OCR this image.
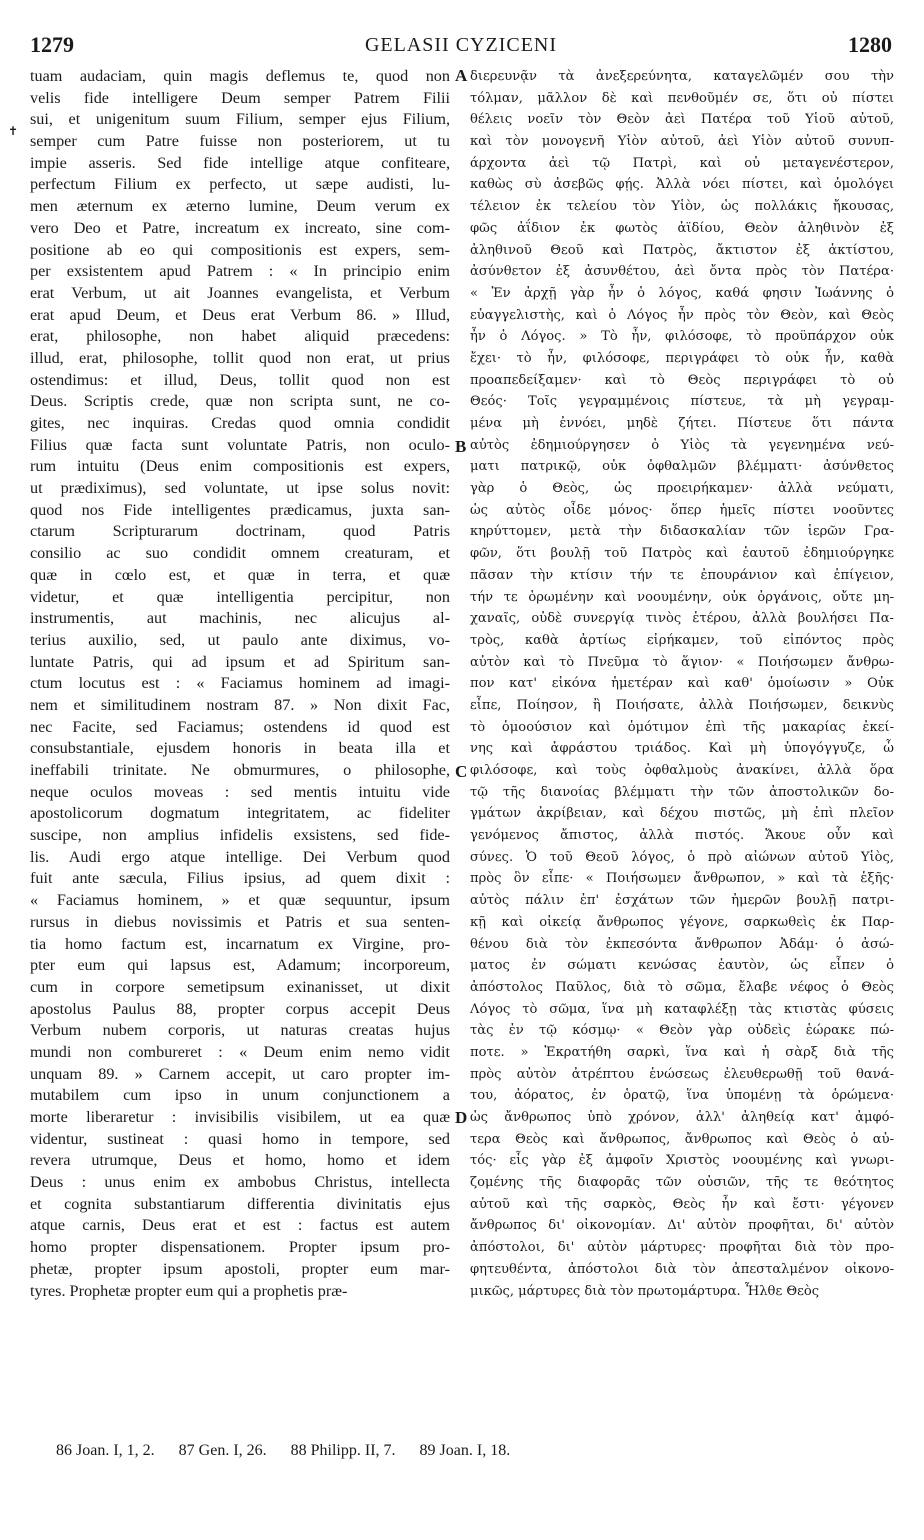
1279	GELASII CYZICENI	1280
✝
tuam audaciam, quin magis deflemus te, quod non
velis fide intelligere Deum semper Patrem Filii
sui, et unigenitum suum Filium, semper ejus Filium,
semper cum Patre fuisse non posteriorem, ut tu
impie asseris. Sed fide intellige atque confiteare,
perfectum Filium ex perfecto, ut sæpe audisti, lu-
men æternum ex æterno lumine, Deum verum ex
vero Deo et Patre, increatum ex increato, sine com-
positione ab eo qui compositionis est expers, sem-
per exsistentem apud Patrem : « In principio enim
erat Verbum, ut ait Joannes evangelista, et Verbum
erat apud Deum, et Deus erat Verbum 86. » Illud,
erat, philosophe, non habet aliquid præcedens:
illud, erat, philosophe, tollit quod non erat, ut prius
ostendimus: et illud, Deus, tollit quod non est
Deus. Scriptis crede, quæ non scripta sunt, ne co-
gites, nec inquiras. Credas quod omnia condidit
Filius quæ facta sunt voluntate Patris, non oculo-
rum intuitu (Deus enim compositionis est expers,
ut prædiximus), sed voluntate, ut ipse solus novit:
quod nos Fide intelligentes prædicamus, juxta san-
ctarum Scripturarum doctrinam, quod Patris
consilio ac suo condidit omnem creaturam, et
quæ in cœlo est, et quæ in terra, et quæ
videtur, et quæ intelligentia percipitur, non
instrumentis, aut machinis, nec alicujus al-
terius auxilio, sed, ut paulo ante diximus, vo-
luntate Patris, qui ad ipsum et ad Spiritum san-
ctum locutus est : « Faciamus hominem ad imagi-
nem et similitudinem nostram 87. » Non dixit Fac,
nec Facite, sed Faciamus; ostendens id quod est
consubstantiale, ejusdem honoris in beata illa et
ineffabili trinitate. Ne obmurmures, o philosophe,
neque oculos moveas : sed mentis intuitu vide
apostolicorum dogmatum integritatem, ac fideliter
suscipe, non amplius infidelis exsistens, sed fide-
lis. Audi ergo atque intellige. Dei Verbum quod
fuit ante sæcula, Filius ipsius, ad quem dixit :
« Faciamus hominem, » et quæ sequuntur, ipsum
rursus in diebus novissimis et Patris et sua senten-
tia homo factum est, incarnatum ex Virgine, pro-
pter eum qui lapsus est, Adamum; incorporeum,
cum in corpore semetipsum exinanisset, ut dixit
apostolus Paulus 88, propter corpus accepit Deus
Verbum nubem corporis, ut naturas creatas hujus
mundi non combureret : « Deum enim nemo vidit
unquam 89. » Carnem accepit, ut caro propter im-
mutabilem cum ipso in unum conjunctionem a
morte liberaretur : invisibilis visibilem, ut ea quæ
videntur, sustineat : quasi homo in tempore, sed
revera utrumque, Deus et homo, homo et idem
Deus : unus enim ex ambobus Christus, intellecta
et cognita substantiarum differentia divinitatis ejus
atque carnis, Deus erat et est : factus est autem
homo propter dispensationem. Propter ipsum pro-
phetæ, propter ipsum apostoli, propter eum mar-
tyres. Prophetæ propter eum qui a prophetis præ-
A
B
C
D
διερευνᾷν τὰ ἀνεξερεύνητα, καταγελῶμέν σου τὴν
τόλμαν, μᾶλλον δὲ καὶ πενθοῦμέν σε, ὅτι οὐ πίστει
θέλεις νοεῖν τὸν Θεὸν ἀεὶ Πατέρα τοῦ Υἱοῦ αὐτοῦ,
καὶ τὸν μονογενῆ Υἱὸν αὐτοῦ, ἀεὶ Υἱὸν αὐτοῦ συνυπ-
άρχοντα ἀεὶ τῷ Πατρὶ, καὶ οὐ μεταγενέστερον,
καθὼς σὺ ἀσεβῶς φῄς. Ἀλλὰ νόει πίστει, καὶ ὁμολόγει
τέλειον ἐκ τελείου τὸν Υἱὸν, ὡς πολλάκις ἤκουσας,
φῶς ἀΐδιον ἐκ φωτὸς ἀϊδίου, Θεὸν ἀληθινὸν ἐξ
ἀληθινοῦ Θεοῦ καὶ Πατρὸς, ἄκτιστον ἐξ ἀκτίστου,
ἀσύνθετον ἐξ ἀσυνθέτου, ἀεὶ ὄντα πρὸς τὸν Πατέρα·
« Ἐν ἀρχῇ γὰρ ἦν ὁ λόγος, καθά φησιν Ἰωάννης ὁ
εὐαγγελιστὴς, καὶ ὁ Λόγος ἦν πρὸς τὸν Θεὸν, καὶ Θεὸς
ἦν ὁ Λόγος. » Τὸ ἦν, φιλόσοφε, τὸ προϋπάρχον οὐκ
ἔχει· τὸ ἦν, φιλόσοφε, περιγράφει τὸ οὐκ ἦν, καθὰ
προαπεδείξαμεν· καὶ τὸ Θεὸς περιγράφει τὸ οὐ
Θεός· Τοῖς γεγραμμένοις πίστευε, τὰ μὴ γεγραμ-
μένα μὴ ἐννόει, μηδὲ ζήτει. Πίστευε ὅτι πάντα
αὐτὸς ἐδημιούργησεν ὁ Υἱὸς τὰ γεγενημένα νεύ-
ματι πατρικῷ, οὐκ ὀφθαλμῶν βλέμματι· ἀσύνθετος
γὰρ ὁ Θεὸς, ὡς προειρήκαμεν· ἀλλὰ νεύματι,
ὡς αὐτὸς οἶδε μόνος· ὅπερ ἡμεῖς πίστει νοοῦντες
κηρύττομεν, μετὰ τὴν διδασκαλίαν τῶν ἱερῶν Γρα-
φῶν, ὅτι βουλῇ τοῦ Πατρὸς καὶ ἑαυτοῦ ἐδημιούργηκε
πᾶσαν τὴν κτίσιν τήν τε ἐπουράνιον καὶ ἐπίγειον,
τήν τε ὁρωμένην καὶ νοουμένην, οὐκ ὀργάνοις, οὔτε μη-
χαναῖς, οὐδὲ συνεργίᾳ τινὸς ἑτέρου, ἀλλὰ βουλήσει Πα-
τρὸς, καθὰ ἀρτίως εἰρήκαμεν, τοῦ εἰπόντος πρὸς
αὐτὸν καὶ τὸ Πνεῦμα τὸ ἅγιον· « Ποιήσωμεν ἄνθρω-
πον κατ' εἰκόνα ἡμετέραν καὶ καθ' ὁμοίωσιν » Οὐκ
εἶπε, Ποίησον, ἢ Ποιήσατε, ἀλλὰ Ποιήσωμεν, δεικνὺς
τὸ ὁμοούσιον καὶ ὁμότιμον ἐπὶ τῆς μακαρίας ἐκεί-
νης καὶ ἀφράστου τριάδος. Καὶ μὴ ὑπογόγγυζε, ὦ
φιλόσοφε, καὶ τοὺς ὀφθαλμοὺς ἀνακίνει, ἀλλὰ ὅρα
τῷ τῆς διανοίας βλέμματι τὴν τῶν ἀποστολικῶν δο-
γμάτων ἀκρίβειαν, καὶ δέχου πιστῶς, μὴ ἐπὶ πλεῖον
γενόμενος ἄπιστος, ἀλλὰ πιστός. Ἄκουε οὖν καὶ
σύνες. Ὁ τοῦ Θεοῦ λόγος, ὁ πρὸ αἰώνων αὐτοῦ Υἱὸς,
πρὸς ὃν εἶπε· « Ποιήσωμεν ἄνθρωπον, » καὶ τὰ ἑξῆς·
αὐτὸς πάλιν ἐπ' ἐσχάτων τῶν ἡμερῶν βουλῇ πατρι-
κῇ καὶ οἰκείᾳ ἄνθρωπος γέγονε, σαρκωθεὶς ἐκ Παρ-
θένου διὰ τὸν ἐκπεσόντα ἄνθρωπον Ἀδάμ· ὁ ἀσώ-
ματος ἐν σώματι κενώσας ἑαυτὸν, ὡς εἶπεν ὁ
ἀπόστολος Παῦλος, διὰ τὸ σῶμα, ἔλαβε νέφος ὁ Θεὸς
Λόγος τὸ σῶμα, ἵνα μὴ καταφλέξῃ τὰς κτιστὰς φύσεις
τὰς ἐν τῷ κόσμῳ· « Θεὸν γὰρ οὐδεὶς ἑώρακε πώ-
ποτε. » Ἐκρατήθη σαρκὶ, ἵνα καὶ ἡ σὰρξ διὰ τῆς
πρὸς αὐτὸν ἀτρέπτου ἑνώσεως ἐλευθερωθῇ τοῦ θανά-
του, ἀόρατος, ἐν ὁρατῷ, ἵνα ὑπομένῃ τὰ ὁρώμενα·
ὡς ἄνθρωπος ὑπὸ χρόνον, ἀλλ' ἀληθείᾳ κατ' ἀμφό-
τερα Θεὸς καὶ ἄνθρωπος, ἄνθρωπος καὶ Θεὸς ὁ αὐ-
τός· εἷς γὰρ ἐξ ἀμφοῖν Χριστὸς νοουμένης καὶ γνωρι-
ζομένης τῆς διαφορᾶς τῶν οὐσιῶν, τῆς τε θεότητος
αὐτοῦ καὶ τῆς σαρκὸς, Θεὸς ἦν καὶ ἔστι· γέγονεν
ἄνθρωπος δι' οἰκονομίαν. Δι' αὐτὸν προφῆται, δι' αὐτὸν
ἀπόστολοι, δι' αὐτὸν μάρτυρες· προφῆται διὰ τὸν προ-
φητευθέντα, ἀπόστολοι διὰ τὸν ἀπεσταλμένον οἰκονο-
μικῶς, μάρτυρες διὰ τὸν πρωτομάρτυρα. Ἦλθε Θεὸς
86 Joan. I, 1, 2. 87 Gen. I, 26. 88 Philipp. II, 7. 89 Joan. I, 18.
